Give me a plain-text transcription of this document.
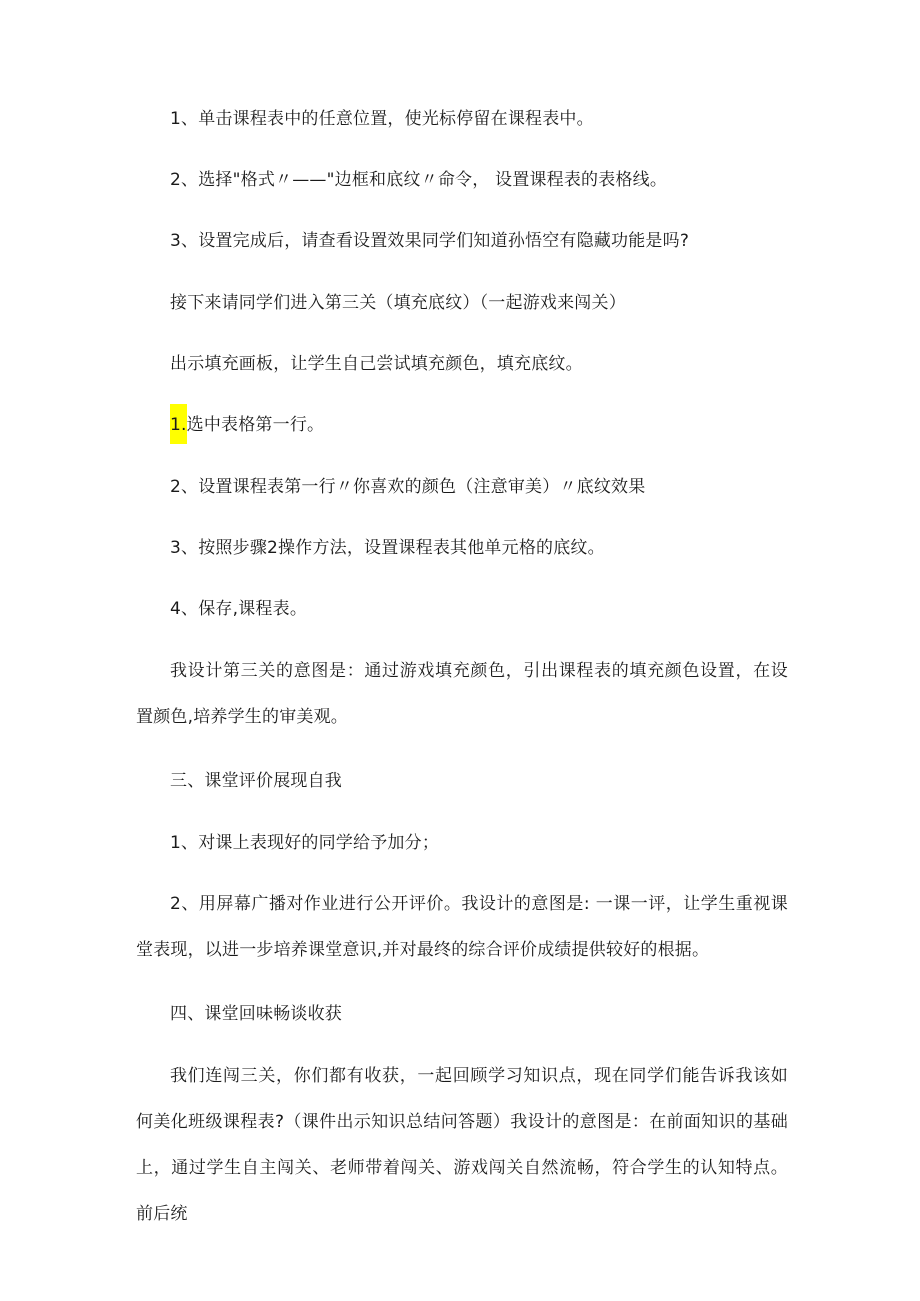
1、单击课程表中的任意位置，使光标停留在课程表中。
2、选择"格式〃——"边框和底纹〃命令， 设置课程表的表格线。
3、设置完成后，请查看设置效果同学们知道孙悟空有隐藏功能是吗?
接下来请同学们进入第三关（填充底纹）（一起游戏来闯关）
出示填充画板，让学生自己尝试填充颜色，填充底纹。
1.选中表格第一行。
2、设置课程表第一行〃你喜欢的颜色（注意审美）〃底纹效果
3、按照步骤2操作方法，设置课程表其他单元格的底纹。
4、保存,课程表。
我设计第三关的意图是：通过游戏填充颜色，引出课程表的填充颜色设置，在设置颜色,培养学生的审美观。
三、课堂评价展现自我
1、对课上表现好的同学给予加分；
2、用屏幕广播对作业进行公开评价。我设计的意图是: 一课一评，让学生重视课堂表现，以进一步培养课堂意识,并对最终的综合评价成绩提供较好的根据。
四、课堂回味畅谈收获
我们连闯三关，你们都有收获，一起回顾学习知识点，现在同学们能告诉我该如何美化班级课程表?（课件出示知识总结问答题）我设计的意图是：在前面知识的基础上，通过学生自主闯关、老师带着闯关、游戏闯关自然流畅，符合学生的认知特点。前后统
